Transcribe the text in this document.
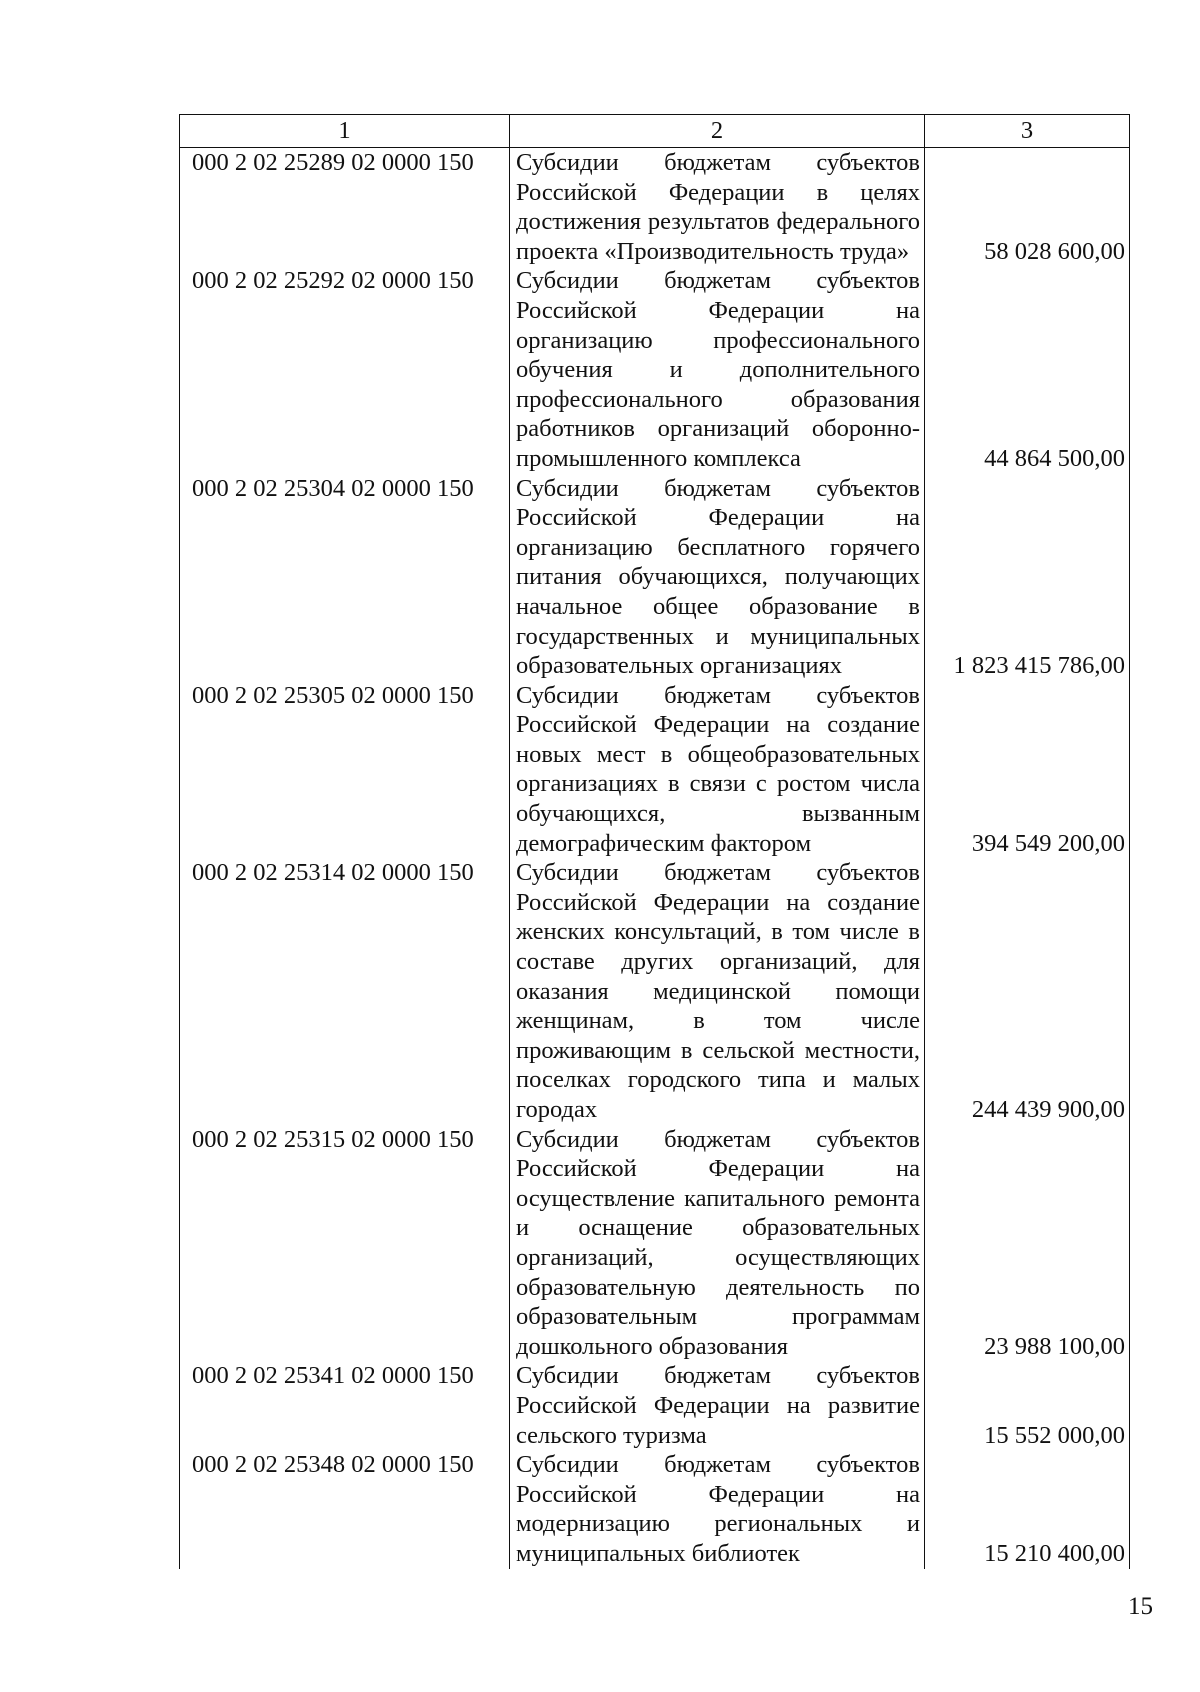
1	2	3
000 2 02 25289 02 0000 150	Субсидии бюджетам субъектов Российской Федерации в целях достижения результатов федерального проекта «Производительность труда»	58 028 600,00
000 2 02 25292 02 0000 150	Субсидии бюджетам субъектов Российской Федерации на организацию профессионального обучения и дополнительного профессионального образования работников организаций оборонно-промышленного комплекса	44 864 500,00
000 2 02 25304 02 0000 150	Субсидии бюджетам субъектов Российской Федерации на организацию бесплатного горячего питания обучающихся, получающих начальное общее образование в государственных и муниципальных образовательных организациях	1 823 415 786,00
000 2 02 25305 02 0000 150	Субсидии бюджетам субъектов Российской Федерации на создание новых мест в общеобразовательных организациях в связи с ростом числа обучающихся, вызванным демографическим фактором	394 549 200,00
000 2 02 25314 02 0000 150	Субсидии бюджетам субъектов Российской Федерации на создание женских консультаций, в том числе в составе других организаций, для оказания медицинской помощи женщинам, в том числе проживающим в сельской местности, поселках городского типа и малых городах	244 439 900,00
000 2 02 25315 02 0000 150	Субсидии бюджетам субъектов Российской Федерации на осуществление капитального ремонта и оснащение образовательных организаций, осуществляющих образовательную деятельность по образовательным программам дошкольного образования	23 988 100,00
000 2 02 25341 02 0000 150	Субсидии бюджетам субъектов Российской Федерации на развитие сельского туризма	15 552 000,00
000 2 02 25348 02 0000 150	Субсидии бюджетам субъектов Российской Федерации на модернизацию региональных и муниципальных библиотек	15 210 400,00
15
